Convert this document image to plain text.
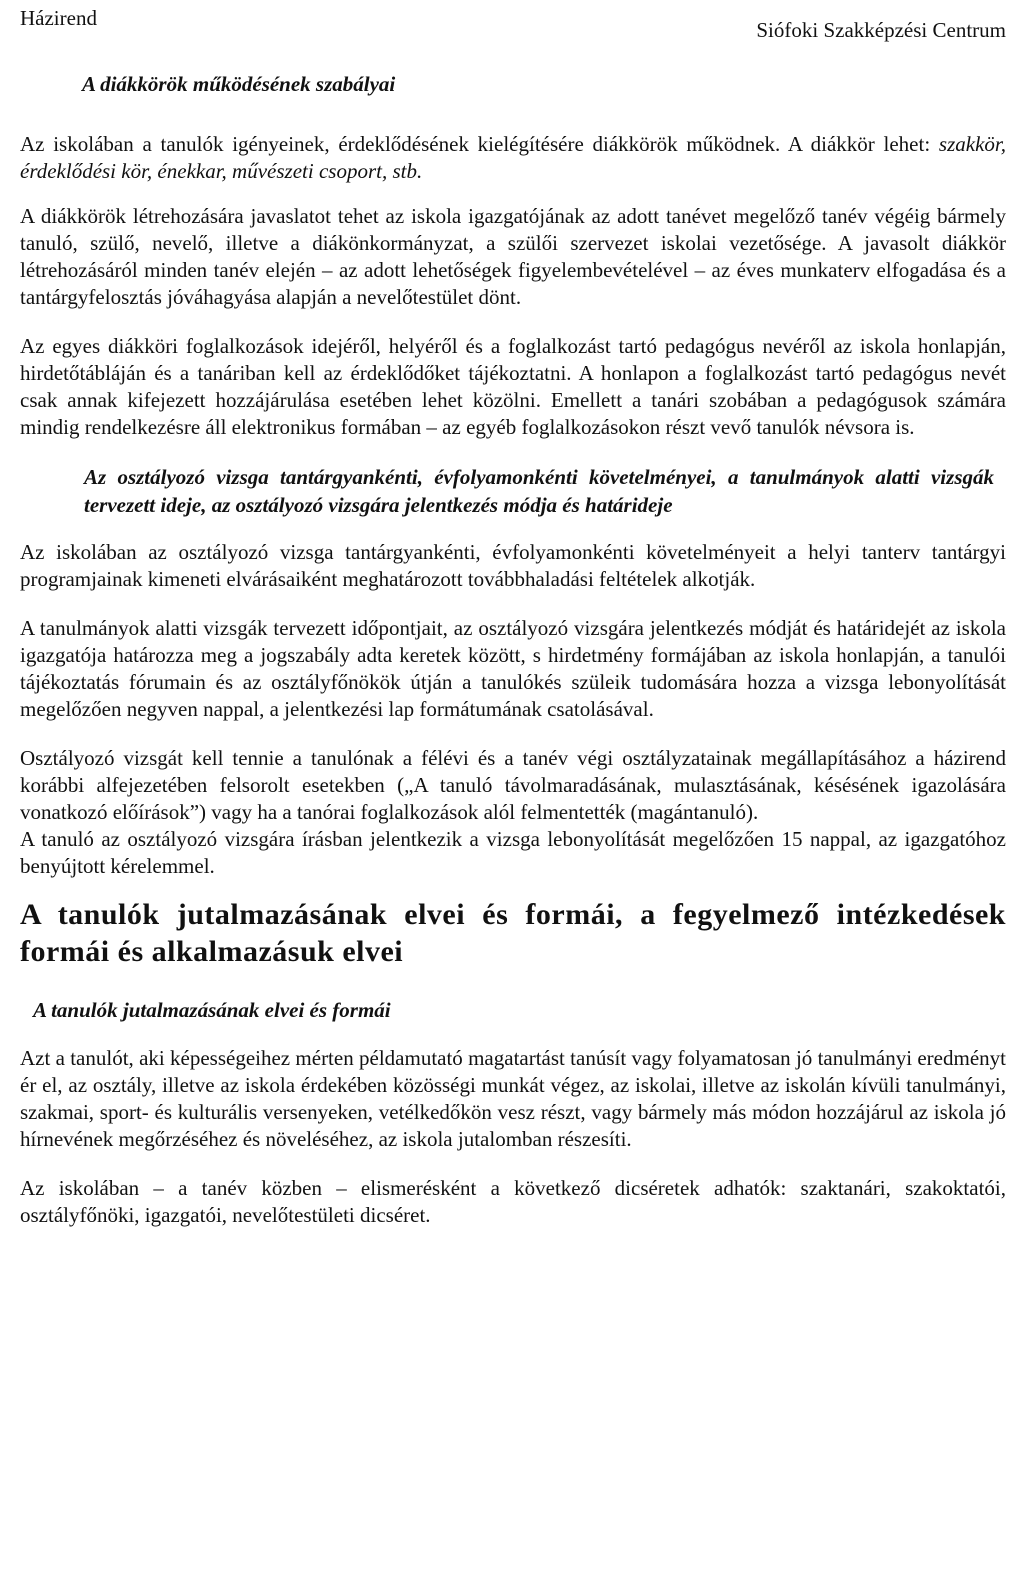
Házirend	Siófoki Szakképzési Centrum
A diákkörök működésének szabályai

Az iskolában a tanulók igényeinek, érdeklődésének kielégítésére diákkörök működnek. A diákkör lehet: szakkör, érdeklődési kör, énekkar, művészeti csoport, stb.

A diákkörök létrehozására javaslatot tehet az iskola igazgatójának az adott tanévet megelőző tanév végéig bármely tanuló, szülő, nevelő, illetve a diákönkormányzat, a szülői szervezet iskolai vezetősége. A javasolt diákkör létrehozásáról minden tanév elején – az adott lehetőségek figyelembevételével – az éves munkaterv elfogadása és a tantárgyfelosztás jóváhagyása alapján a nevelőtestület dönt.

Az egyes diákköri foglalkozások idejéről, helyéről és a foglalkozást tartó pedagógus nevéről az iskola honlapján, hirdetőtábláján és a tanáriban kell az érdeklődőket tájékoztatni. A honlapon a foglalkozást tartó pedagógus nevét csak annak kifejezett hozzájárulása esetében lehet közölni. Emellett a tanári szobában a pedagógusok számára mindig rendelkezésre áll elektronikus formában – az egyéb foglalkozásokon részt vevő tanulók névsora is.

Az osztályozó vizsga tantárgyankénti, évfolyamonkénti követelményei, a tanulmányok alatti vizsgák tervezett ideje, az osztályozó vizsgára jelentkezés módja és határideje

Az iskolában az osztályozó vizsga tantárgyankénti, évfolyamonkénti követelményeit a helyi tanterv tantárgyi programjainak kimeneti elvárásaiként meghatározott továbbhaladási feltételek alkotják.

A tanulmányok alatti vizsgák tervezett időpontjait, az osztályozó vizsgára jelentkezés módját és határidejét az iskola igazgatója határozza meg a jogszabály adta keretek között, s hirdetmény formájában az iskola honlapján, a tanulói tájékoztatás fórumain és az osztályfőnökök útján a tanulókés szüleik tudomására hozza a vizsga lebonyolítását megelőzően negyven nappal, a jelentkezési lap formátumának csatolásával.

Osztályozó vizsgát kell tennie a tanulónak a félévi és a tanév végi osztályzatainak megállapításához a házirend korábbi alfejezetében felsorolt esetekben („A tanuló távolmaradásának, mulasztásának, késésének igazolására vonatkozó előírások”) vagy ha a tanórai foglalkozások alól felmentették (magántanuló).

A tanuló az osztályozó vizsgára írásban jelentkezik a vizsga lebonyolítását megelőzően 15 nappal, az igazgatóhoz benyújtott kérelemmel.

A tanulók jutalmazásának elvei és formái, a fegyelmező intézkedések formái és alkalmazásuk elvei
A tanulók jutalmazásának elvei és formái

Azt a tanulót, aki képességeihez mérten példamutató magatartást tanúsít vagy folyamatosan jó tanulmányi eredményt ér el, az osztály, illetve az iskola érdekében közösségi munkát végez, az iskolai, illetve az iskolán kívüli tanulmányi, szakmai, sport- és kulturális versenyeken, vetélkedőkön vesz részt, vagy bármely más módon hozzájárul az iskola jó hírnevének megőrzéséhez és növeléséhez, az iskola jutalomban részesíti.

Az iskolában – a tanév közben – elismerésként a következő dicséretek adhatók: szaktanári, szakoktatói, osztályfőnöki, igazgatói, nevelőtestületi dicséret.
